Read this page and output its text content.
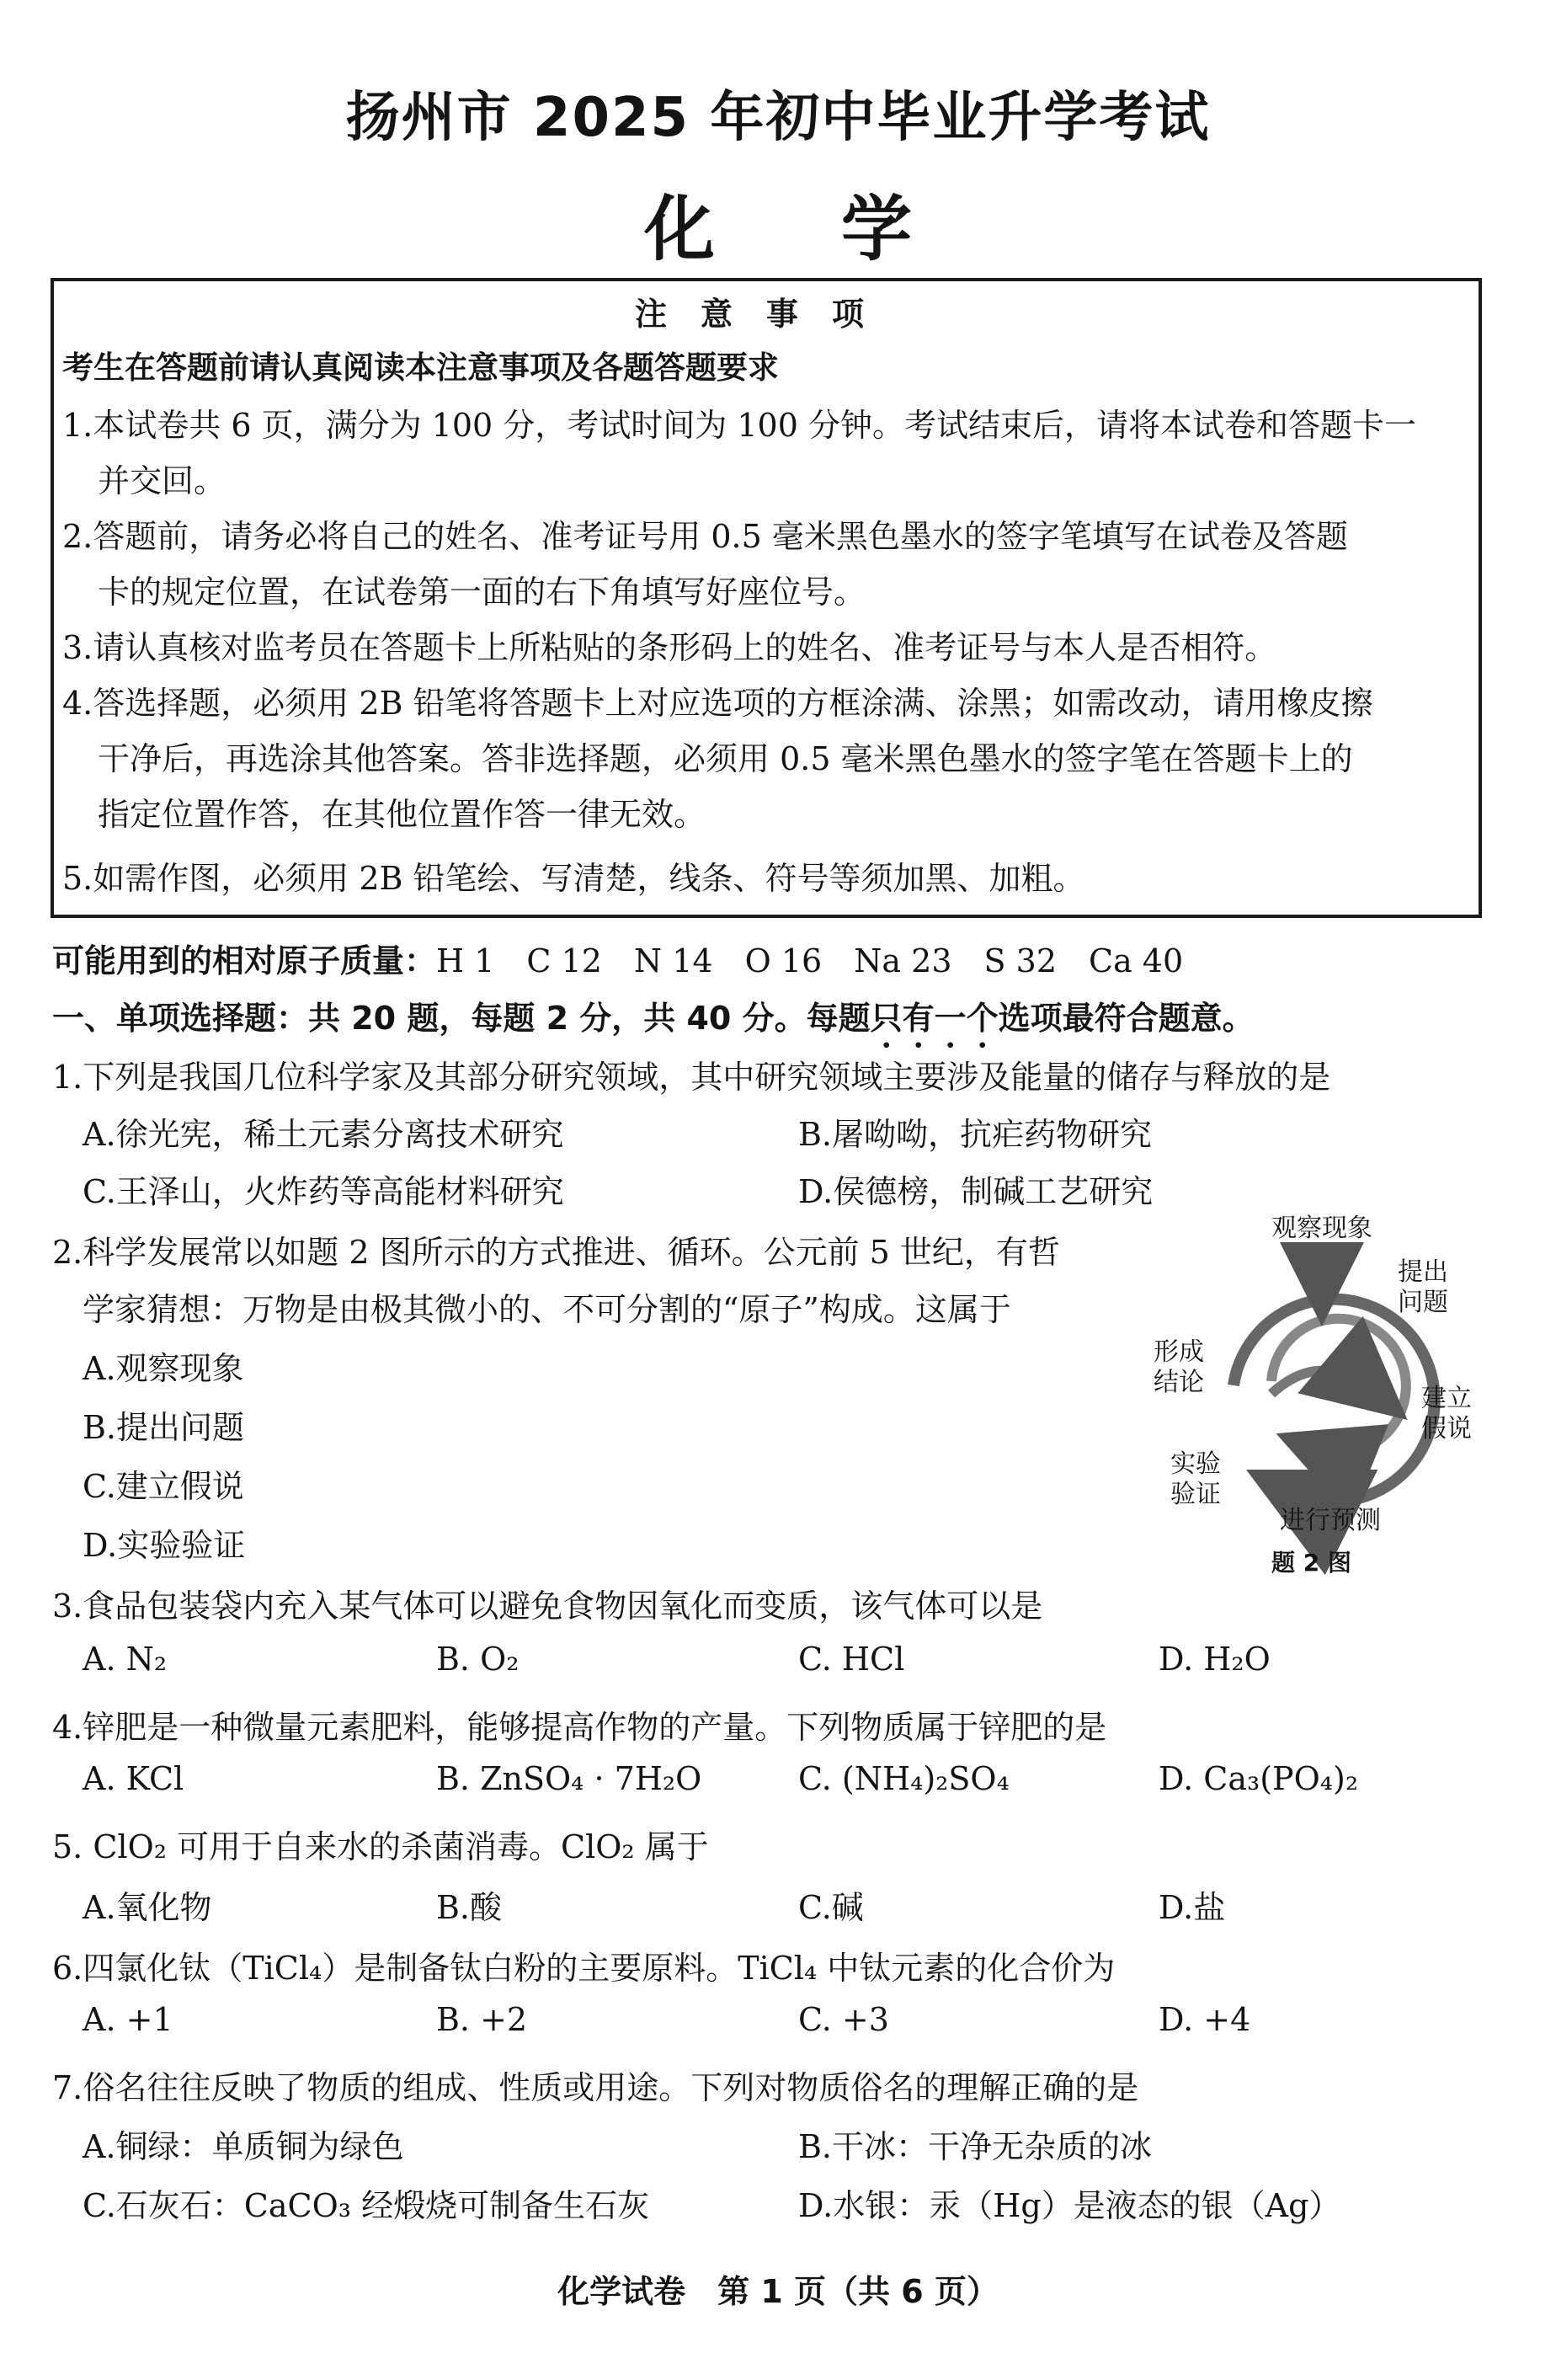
扬州市 2025 年初中毕业升学考试
化学
注意事项
考生在答题前请认真阅读本注意事项及各题答题要求
1.本试卷共 6 页，满分为 100 分，考试时间为 100 分钟。考试结束后，请将本试卷和答题卡一
并交回。
2.答题前，请务必将自己的姓名、准考证号用 0.5 毫米黑色墨水的签字笔填写在试卷及答题
卡的规定位置，在试卷第一面的右下角填写好座位号。
3.请认真核对监考员在答题卡上所粘贴的条形码上的姓名、准考证号与本人是否相符。
4.答选择题，必须用 2B 铅笔将答题卡上对应选项的方框涂满、涂黑；如需改动，请用橡皮擦
干净后，再选涂其他答案。答非选择题，必须用 0.5 毫米黑色墨水的签字笔在答题卡上的
指定位置作答，在其他位置作答一律无效。
5.如需作图，必须用 2B 铅笔绘、写清楚，线条、符号等须加黑、加粗。
可能用到的相对原子质量：H 1　C 12　N 14　O 16　Na 23　S 32　Ca 40
一、单项选择题：共 20 题，每题 2 分，共 40 分。每题只有一个选项最符合题意。
1.下列是我国几位科学家及其部分研究领域，其中研究领域主要涉及能量的储存与释放的是
A.徐光宪，稀土元素分离技术研究	B.屠呦呦，抗疟药物研究
C.王泽山，火炸药等高能材料研究	D.侯德榜，制碱工艺研究
2.科学发展常以如题 2 图所示的方式推进、循环。公元前 5 世纪，有哲
学家猜想：万物是由极其微小的、不可分割的“原子”构成。这属于
A.观察现象
B.提出问题
C.建立假说
D.实验验证
观察现象
提出
问题
建立
假说
进行预测
实验
验证
形成
结论
题 2 图
3.食品包装袋内充入某气体可以避免食物因氧化而变质，该气体可以是
A. N₂	B. O₂	C. HCl	D. H₂O
4.锌肥是一种微量元素肥料，能够提高作物的产量。下列物质属于锌肥的是
A. KCl	B. ZnSO₄ · 7H₂O	C. (NH₄)₂SO₄	D. Ca₃(PO₄)₂
5. ClO₂ 可用于自来水的杀菌消毒。ClO₂ 属于
A.氧化物	B.酸	C.碱	D.盐
6.四氯化钛（TiCl₄）是制备钛白粉的主要原料。TiCl₄ 中钛元素的化合价为
A. +1	B. +2	C. +3	D. +4
7.俗名往往反映了物质的组成、性质或用途。下列对物质俗名的理解正确的是
A.铜绿：单质铜为绿色	B.干冰：干净无杂质的冰
C.石灰石：CaCO₃ 经煅烧可制备生石灰	D.水银：汞（Hg）是液态的银（Ag）
化学试卷　第 1 页（共 6 页）
